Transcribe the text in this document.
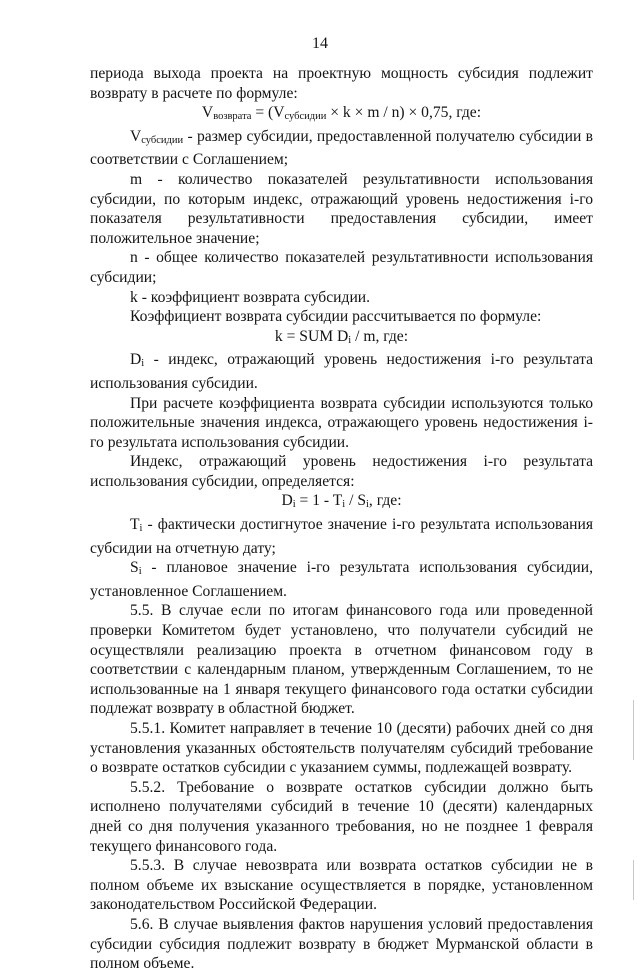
14

периода выхода проекта на проектную мощность субсидия подлежит возврату в расчете по формуле:

Vвозврата = (Vсубсидии × k × m / n) × 0,75, где:

Vсубсидии - размер субсидии, предоставленной получателю субсидии в соответствии с Соглашением;

m - количество показателей результативности использования субсидии, по которым индекс, отражающий уровень недостижения i-го показателя результативности предоставления субсидии, имеет положительное значение;

n - общее количество показателей результативности использования субсидии;

k - коэффициент возврата субсидии.

Коэффициент возврата субсидии рассчитывается по формуле:

k = SUM Di / m, где:

Di - индекс, отражающий уровень недостижения i-го результата использования субсидии.

При расчете коэффициента возврата субсидии используются только положительные значения индекса, отражающего уровень недостижения i-го результата использования субсидии.

Индекс, отражающий уровень недостижения i-го результата использования субсидии, определяется:

Di = 1 - Ti / Si, где:

Ti - фактически достигнутое значение i-го результата использования субсидии на отчетную дату;

Si - плановое значение i-го результата использования субсидии, установленное Соглашением.

5.5. В случае если по итогам финансового года или проведенной проверки Комитетом будет установлено, что получатели субсидий не осуществляли реализацию проекта в отчетном финансовом году в соответствии с календарным планом, утвержденным Соглашением, то не использованные на 1 января текущего финансового года остатки субсидии подлежат возврату в областной бюджет.

5.5.1. Комитет направляет в течение 10 (десяти) рабочих дней со дня установления указанных обстоятельств получателям субсидий требование о возврате остатков субсидии с указанием суммы, подлежащей возврату.

5.5.2. Требование о возврате остатков субсидии должно быть исполнено получателями субсидий в течение 10 (десяти) календарных дней со дня получения указанного требования, но не позднее 1 февраля текущего финансового года.

5.5.3. В случае невозврата или возврата остатков субсидии не в полном объеме их взыскание осуществляется в порядке, установленном законодательством Российской Федерации.

5.6. В случае выявления фактов нарушения условий предоставления субсидии субсидия подлежит возврату в бюджет Мурманской области в полном объеме.
